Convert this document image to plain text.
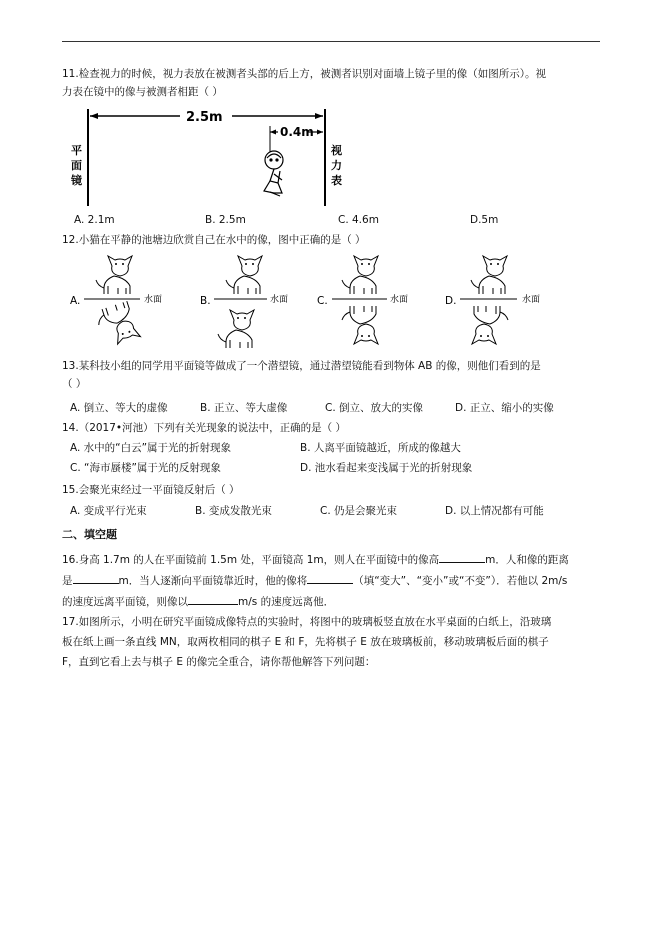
11.检查视力的时候，视力表放在被测者头部的后上方，被测者识别对面墙上镜子里的像（如图所示）。视
力表在镜中的像与被测者相距（ ）
平
面
镜
视
力
表
2.5m
0.4m
A. 2.1m	B. 2.5m	C. 4.6m	D.5m
12.小猫在平静的池塘边欣赏自己在水中的像，图中正确的是（ ）
A.	水面	B.	水面	C.	水面	D.	水面
13.某科技小组的同学用平面镜等做成了一个潜望镜，通过潜望镜能看到物体 AB 的像，则他们看到的是
（ ）
A. 倒立、等大的虚像	B. 正立、等大虚像	C. 倒立、放大的实像	D. 正立、缩小的实像
14.（2017•河池）下列有关光现象的说法中，正确的是（ ）
A. 水中的“白云”属于光的折射现象	B. 人离平面镜越近，所成的像越大
C. “海市蜃楼”属于光的反射现象	D. 池水看起来变浅属于光的折射现象
15.会聚光束经过一平面镜反射后（ ）
A. 变成平行光束	B. 变成发散光束	C. 仍是会聚光束	D. 以上情况都有可能
二、填空题
16.身高 1.7m 的人在平面镜前 1.5m 处，平面镜高 1m，则人在平面镜中的像高	m．人和像的距离
是	m．当人逐渐向平面镜靠近时，他的像将	（填“变大”、“变小”或“不变”）．若他以 2m/s
的速度远离平面镜，则像以	m/s 的速度远离他．
17.如图所示，小明在研究平面镜成像特点的实验时，将图中的玻璃板竖直放在水平桌面的白纸上，沿玻璃
板在纸上画一条直线 MN，取两枚相同的棋子 E 和 F，先将棋子 E 放在玻璃板前，移动玻璃板后面的棋子
F，直到它看上去与棋子 E 的像完全重合，请你帮他解答下列问题：
